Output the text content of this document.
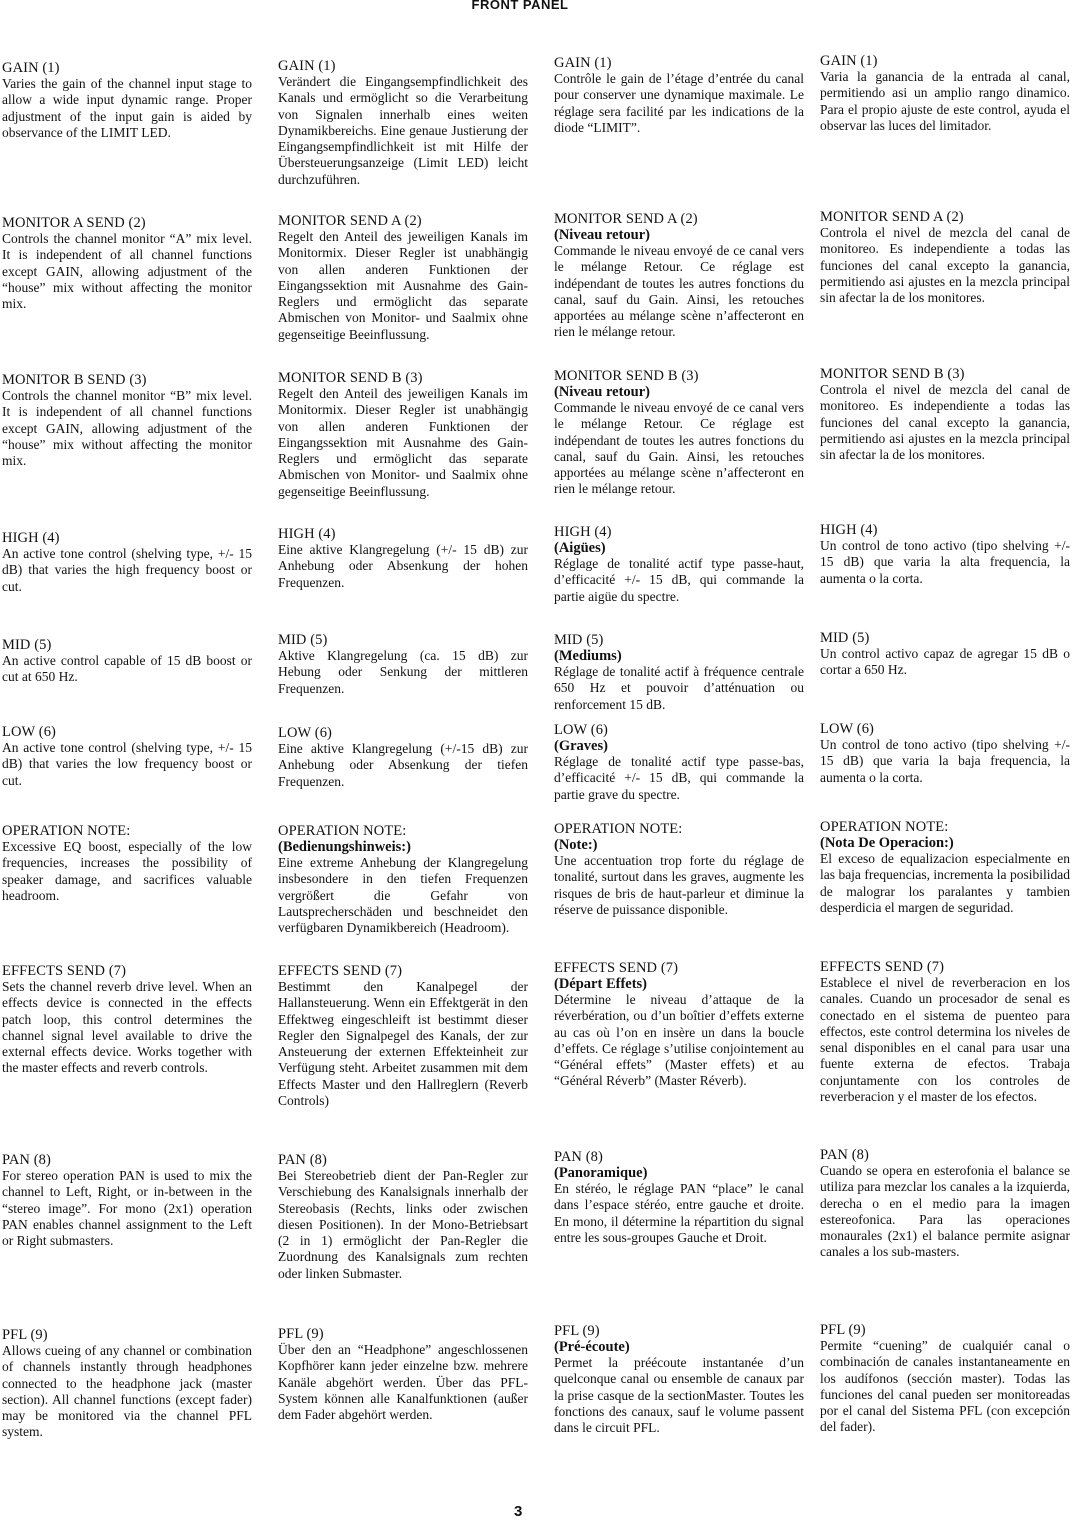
FRONT PANEL
GAIN (1)

Varies the gain of the channel input stage to allow a wide input dynamic range. Proper adjustment of the input gain is aided by observance of the LIMIT LED.

MONITOR A SEND (2)

Controls the channel monitor “A” mix level. It is independent of all channel functions except GAIN, allowing adjustment of the “house” mix without affecting the monitor mix.

MONITOR B SEND (3)

Controls the channel monitor “B” mix level. It is independent of all channel functions except GAIN, allowing adjustment of the “house” mix without affecting the monitor mix.

HIGH (4)

An active tone control (shelving type, +/- 15 dB) that varies the high frequency boost or cut.

MID (5)

An active control capable of 15 dB boost or cut at 650 Hz.

LOW (6)

An active tone control (shelving type, +/- 15 dB) that varies the low frequency boost or cut.

OPERATION NOTE:

Excessive EQ boost, especially of the low frequencies, increases the possibility of speaker damage, and sacrifices valuable headroom.

EFFECTS SEND (7)

Sets the channel reverb drive level. When an effects device is connected in the effects patch loop, this control determines the channel signal level available to drive the external effects device. Works together with the master effects and reverb controls.

PAN (8)

For stereo operation PAN is used to mix the channel to Left, Right, or in-between in the “stereo image”. For mono (2x1) operation PAN enables channel assignment to the Left or Right submasters.

PFL (9)

Allows cueing of any channel or combination of channels instantly through headphones connected to the headphone jack (master section). All channel functions (except fader) may be monitored via the channel PFL system.

GAIN (1)

Verändert die Eingangsempfindlichkeit des Kanals und ermöglicht so die Verarbeitung von Signalen innerhalb eines weiten Dynamikbereichs. Eine genaue Justierung der Eingangsempfindlichkeit ist mit Hilfe der Übersteuerungsanzeige (Limit LED) leicht durchzuführen.

MONITOR SEND A (2)

Regelt den Anteil des jeweiligen Kanals im Monitormix. Dieser Regler ist unabhängig von allen anderen Funktionen der Eingangssektion mit Ausnahme des Gain-Reglers und ermöglicht das separate Abmischen von Monitor- und Saalmix ohne gegenseitige Beeinflussung.

MONITOR SEND B (3)

Regelt den Anteil des jeweiligen Kanals im Monitormix. Dieser Regler ist unabhängig von allen anderen Funktionen der Eingangssektion mit Ausnahme des Gain-Reglers und ermöglicht das separate Abmischen von Monitor- und Saalmix ohne gegenseitige Beeinflussung.

HIGH (4)

Eine aktive Klangregelung (+/- 15 dB) zur Anhebung oder Absenkung der hohen Frequenzen.

MID (5)

Aktive Klangregelung (ca. 15 dB) zur Hebung oder Senkung der mittleren Frequenzen.

LOW (6)

Eine aktive Klangregelung (+/-15 dB) zur Anhebung oder Absenkung der tiefen Frequenzen.

OPERATION NOTE:
(Bedienungshinweis:)

Eine extreme Anhebung der Klangregelung insbesondere in den tiefen Frequenzen vergrößert die Gefahr von Lautsprecherschäden und beschneidet den verfügbaren Dynamikbereich (Headroom).

EFFECTS SEND (7)

Bestimmt den Kanalpegel der Hallansteuerung. Wenn ein Effektgerät in den Effektweg eingeschleift ist bestimmt dieser Regler den Signalpegel des Kanals, der zur Ansteuerung der externen Effekteinheit zur Verfügung steht. Arbeitet zusammen mit dem Effects Master und den Hallreglern (Reverb Controls)

PAN (8)

Bei Stereobetrieb dient der Pan-Regler zur Verschiebung des Kanalsignals innerhalb der Stereobasis (Rechts, links oder zwischen diesen Positionen). In der Mono-Betriebsart (2 in 1) ermöglicht der Pan-Regler die Zuordnung des Kanalsignals zum rechten oder linken Submaster.

PFL (9)

Über den an “Headphone” angeschlossenen Kopfhörer kann jeder einzelne bzw. mehrere Kanäle abgehört werden. Über das PFL-System können alle Kanalfunktionen (außer dem Fader abgehört werden.

GAIN (1)

Contrôle le gain de l’étage d’entrée du canal pour conserver une dynamique maximale. Le réglage sera facilité par les indications de la diode “LIMIT”.

MONITOR SEND A (2)
(Niveau retour)

Commande le niveau envoyé de ce canal vers le mélange Retour. Ce réglage est indépendant de toutes les autres fonctions du canal, sauf du Gain. Ainsi, les retouches apportées au mélange scène n’affecteront en rien le mélange retour.

MONITOR SEND B (3)
(Niveau retour)

Commande le niveau envoyé de ce canal vers le mélange Retour. Ce réglage est indépendant de toutes les autres fonctions du canal, sauf du Gain. Ainsi, les retouches apportées au mélange scène n’affecteront en rien le mélange retour.

HIGH (4)
(Aigües)

Réglage de tonalité actif type passe-haut, d’efficacité +/- 15 dB, qui commande la partie aigüe du spectre.

MID (5)
(Mediums)

Réglage de tonalité actif à fréquence centrale 650 Hz et pouvoir d’atténuation ou renforcement 15 dB.

LOW (6)
(Graves)

Réglage de tonalité actif type passe-bas, d’efficacité +/- 15 dB, qui commande la partie grave du spectre.

OPERATION NOTE:
(Note:)

Une accentuation trop forte du réglage de tonalité, surtout dans les graves, augmente les risques de bris de haut-parleur et diminue la réserve de puissance disponible.

EFFECTS SEND (7)
(Départ Effets)

Détermine le niveau d’attaque de la réverbération, ou d’un boîtier d’effets externe au cas où l’on en insère un dans la boucle d’effets. Ce réglage s’utilise conjointement au “Général effets” (Master effets) et au “Général Réverb” (Master Réverb).

PAN (8)
(Panoramique)

En stéréo, le réglage PAN “place” le canal dans l’espace stéréo, entre gauche et droite. En mono, il détermine la répartition du signal entre les sous-groupes Gauche et Droit.

PFL (9)
(Pré-écoute)

Permet la préécoute instantanée d’un quelconque canal ou ensemble de canaux par la prise casque de la sectionMaster. Toutes les fonctions des canaux, sauf le volume passent dans le circuit PFL.

GAIN (1)

Varia la ganancia de la entrada al canal, permitiendo asi un amplio rango dinamico. Para el propio ajuste de este control, ayuda el observar las luces del limitador.

MONITOR SEND A (2)

Controla el nivel de mezcla del canal de monitoreo. Es independiente a todas las funciones del canal excepto la ganancia, permitiendo asi ajustes en la mezcla principal sin afectar la de los monitores.

MONITOR SEND B (3)

Controla el nivel de mezcla del canal de monitoreo. Es independiente a todas las funciones del canal excepto la ganancia, permitiendo asi ajustes en la mezcla principal sin afectar la de los monitores.

HIGH (4)

Un control de tono activo (tipo shelving +/- 15 dB) que varia la alta frequencia, la aumenta o la corta.

MID (5)

Un control activo capaz de agregar 15 dB o cortar a 650 Hz.

LOW (6)

Un control de tono activo (tipo shelving +/- 15 dB) que varia la baja frequencia, la aumenta o la corta.

OPERATION NOTE:
(Nota De Operacion:)

El exceso de equalizacion especialmente en las baja frequencias, incrementa la posibilidad de malograr los paralantes y tambien desperdicia el margen de seguridad.

EFFECTS SEND (7)

Establece el nivel de reverberacion en los canales. Cuando un procesador de senal es conectado en el sistema de puenteo para effectos, este control determina los niveles de senal disponibles en el canal para usar una fuente externa de efectos. Trabaja conjuntamente con los controles de reverberacion y el master de los efectos.

PAN (8)

Cuando se opera en esterofonia el balance se utiliza para mezclar los canales a la izquierda, derecha o en el medio para la imagen estereofonica. Para las operaciones monaurales (2x1) el balance permite asignar canales a los sub-masters.

PFL (9)

Permite “cuening” de cualquiér canal o combinación de canales instantaneamente en los audífonos (sección master). Todas las funciones del canal pueden ser monitoreadas por el canal del Sistema PFL (con excepción del fader).

3
